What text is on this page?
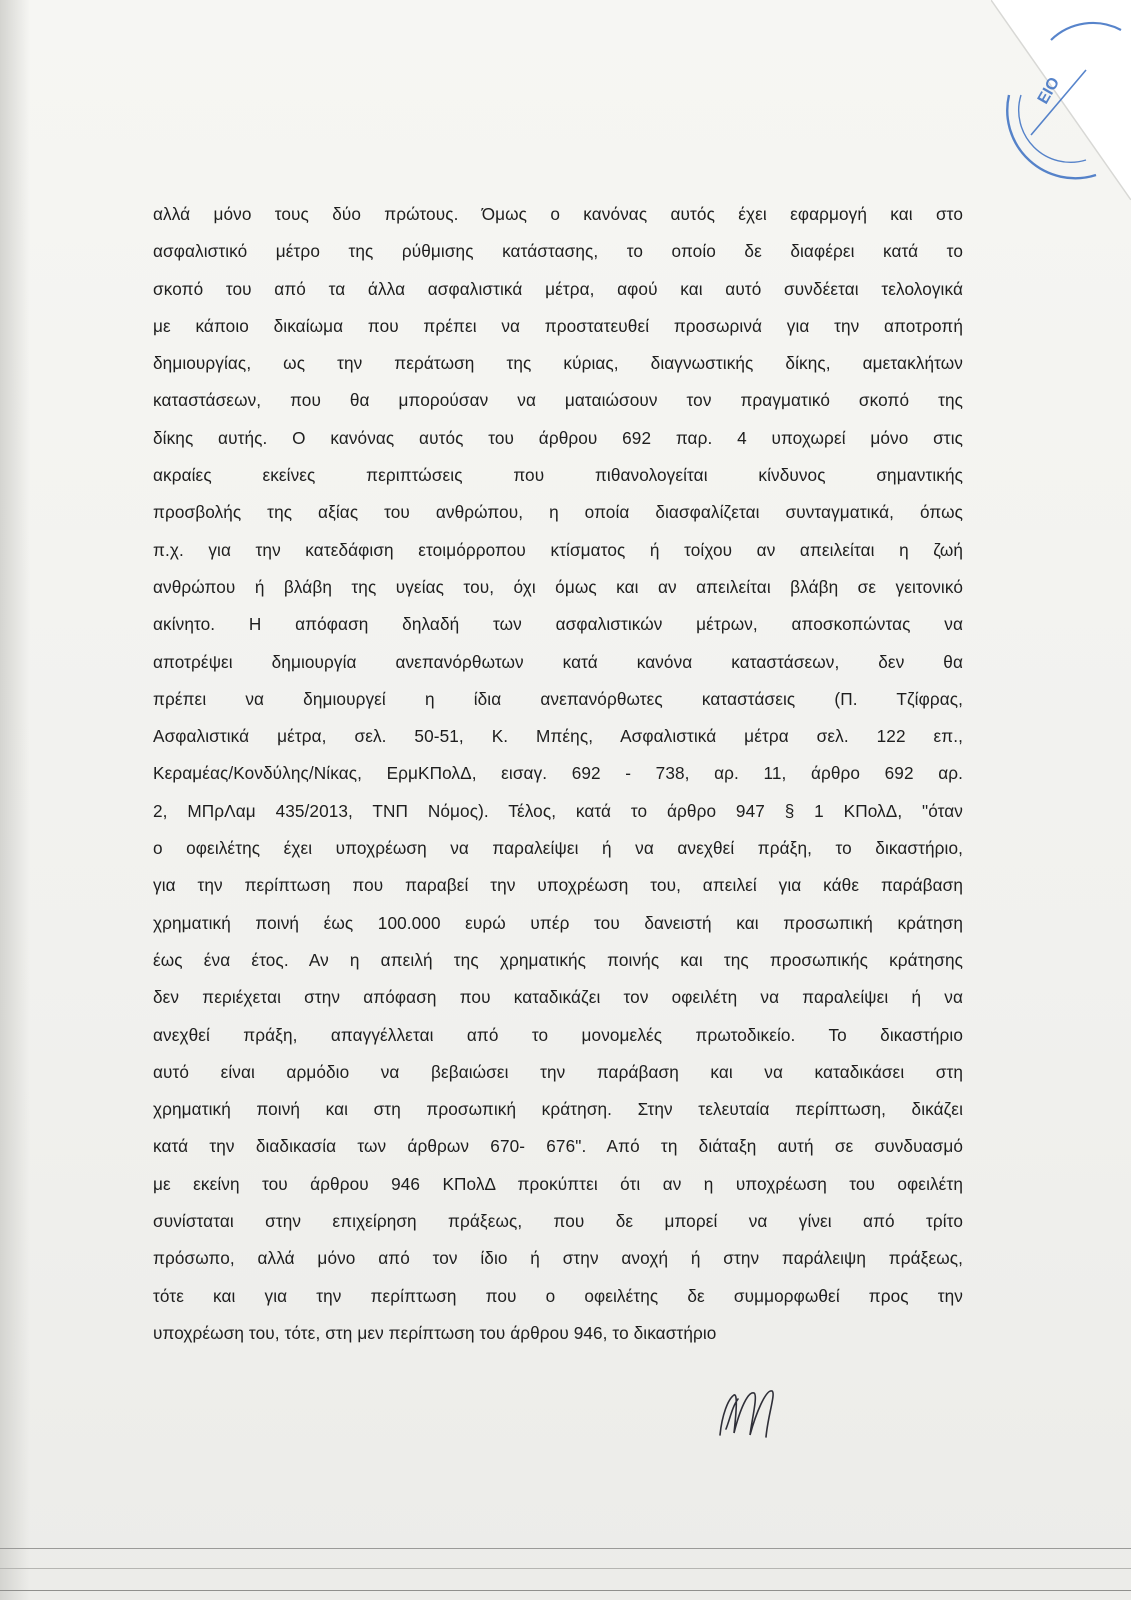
ΕΙΟ
αλλά μόνο τους δύο πρώτους. Όμως ο κανόνας αυτός έχει εφαρμογή και στο
ασφαλιστικό μέτρο της ρύθμισης κατάστασης, το οποίο δε διαφέρει κατά το
σκοπό του από τα άλλα ασφαλιστικά μέτρα, αφού και αυτό συνδέεται τελολογικά
με κάποιο δικαίωμα που πρέπει να προστατευθεί προσωρινά για την αποτροπή
δημιουργίας, ως την περάτωση της κύριας, διαγνωστικής δίκης, αμετακλήτων
καταστάσεων, που θα μπορούσαν να ματαιώσουν τον πραγματικό σκοπό της
δίκης αυτής. Ο κανόνας αυτός του άρθρου 692 παρ. 4 υποχωρεί μόνο στις
ακραίες εκείνες περιπτώσεις που πιθανολογείται κίνδυνος σημαντικής
προσβολής της αξίας του ανθρώπου, η οποία διασφαλίζεται συνταγματικά, όπως
π.χ. για την κατεδάφιση ετοιμόρροπου κτίσματος ή τοίχου αν απειλείται η ζωή
ανθρώπου ή βλάβη της υγείας του, όχι όμως και αν απειλείται βλάβη σε γειτονικό
ακίνητο. Η απόφαση δηλαδή των ασφαλιστικών μέτρων, αποσκοπώντας να
αποτρέψει δημιουργία ανεπανόρθωτων κατά κανόνα καταστάσεων, δεν θα
πρέπει να δημιουργεί η ίδια ανεπανόρθωτες καταστάσεις (Π. Τζίφρας,
Ασφαλιστικά μέτρα, σελ. 50-51, Κ. Μπέης, Ασφαλιστικά μέτρα σελ. 122 επ.,
Κεραμέας/Κονδύλης/Νίκας, ΕρμΚΠολΔ, εισαγ. 692 - 738, αρ. 11, άρθρο 692 αρ.
2, ΜΠρΛαμ 435/2013, ΤΝΠ Νόμος). Τέλος, κατά το άρθρο 947 § 1 ΚΠολΔ, "όταν
ο οφειλέτης έχει υποχρέωση να παραλείψει ή να ανεχθεί πράξη, το δικαστήριο,
για την περίπτωση που παραβεί την υποχρέωση του, απειλεί για κάθε παράβαση
χρηματική ποινή έως 100.000 ευρώ υπέρ του δανειστή και προσωπική κράτηση
έως ένα έτος. Αν η απειλή της χρηματικής ποινής και της προσωπικής κράτησης
δεν περιέχεται στην απόφαση που καταδικάζει τον οφειλέτη να παραλείψει ή να
ανεχθεί πράξη, απαγγέλλεται από το μονομελές πρωτοδικείο. Το δικαστήριο
αυτό είναι αρμόδιο να βεβαιώσει την παράβαση και να καταδικάσει στη
χρηματική ποινή και στη προσωπική κράτηση. Στην τελευταία περίπτωση, δικάζει
κατά την διαδικασία των άρθρων 670- 676". Από τη διάταξη αυτή σε συνδυασμό
με εκείνη του άρθρου 946 ΚΠολΔ προκύπτει ότι αν η υποχρέωση του οφειλέτη
συνίσταται στην επιχείρηση πράξεως, που δε μπορεί να γίνει από τρίτο
πρόσωπο, αλλά μόνο από τον ίδιο ή στην ανοχή ή στην παράλειψη πράξεως,
τότε και για την περίπτωση που ο οφειλέτης δε συμμορφωθεί προς την
υποχρέωση του, τότε, στη μεν περίπτωση του άρθρου 946, το δικαστήριο
